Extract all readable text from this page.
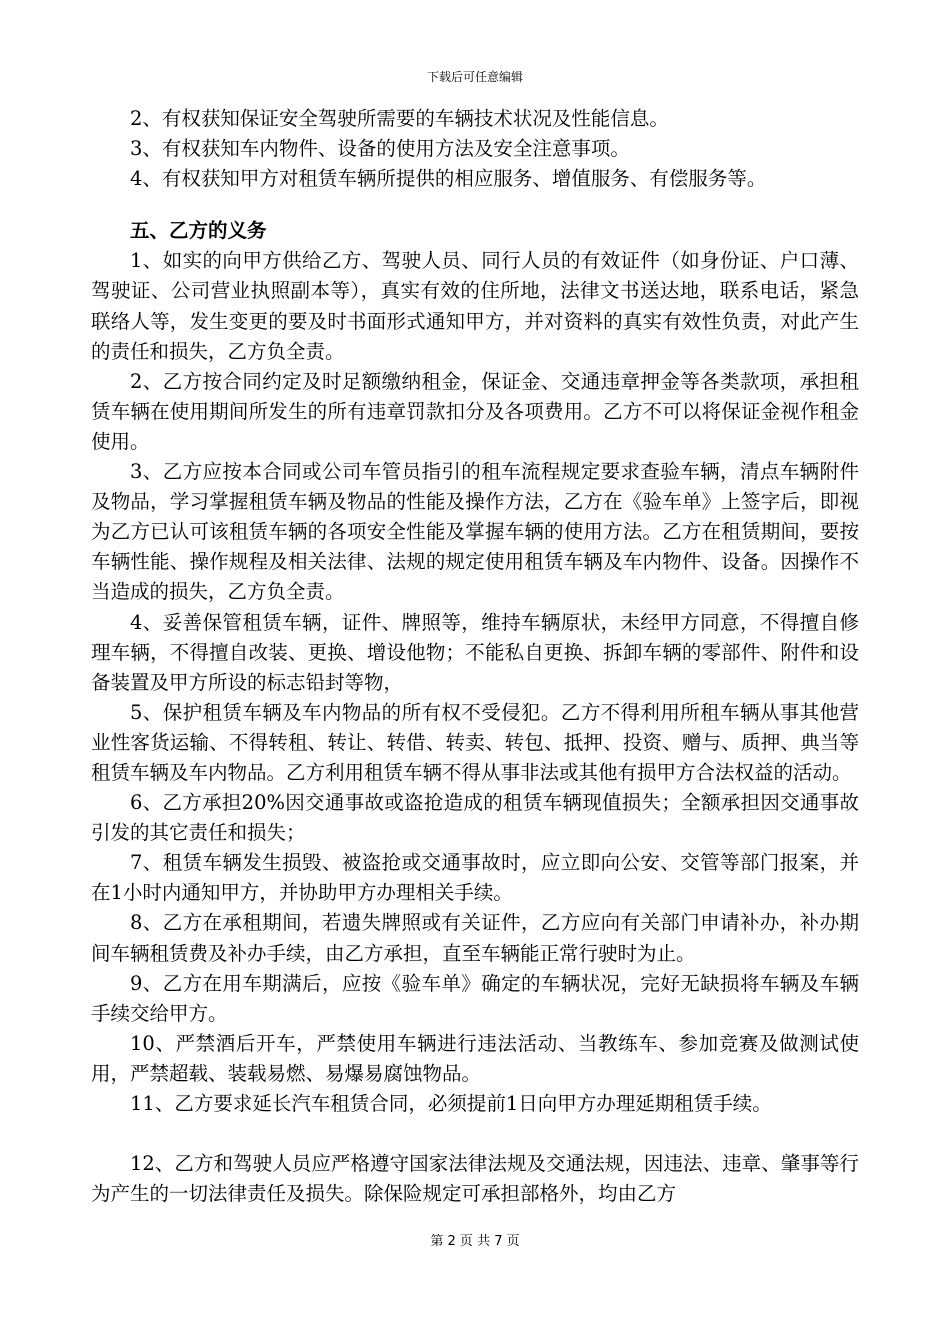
下载后可任意编辑

2、有权获知保证安全驾驶所需要的车辆技术状况及性能信息。

3、有权获知车内物件、设备的使用方法及安全注意事项。

4、有权获知甲方对租赁车辆所提供的相应服务、增值服务、有偿服务等。

五、乙方的义务

1、如实的向甲方供给乙方、驾驶人员、同行人员的有效证件（如身份证、户口薄、驾驶证、公司营业执照副本等），真实有效的住所地，法律文书送达地，联系电话，紧急联络人等，发生变更的要及时书面形式通知甲方，并对资料的真实有效性负责，对此产生的责任和损失，乙方负全责。

2、乙方按合同约定及时足额缴纳租金，保证金、交通违章押金等各类款项，承担租赁车辆在使用期间所发生的所有违章罚款扣分及各项费用。乙方不可以将保证金视作租金使用。

3、乙方应按本合同或公司车管员指引的租车流程规定要求查验车辆，清点车辆附件及物品，学习掌握租赁车辆及物品的性能及操作方法，乙方在《验车单》上签字后，即视为乙方已认可该租赁车辆的各项安全性能及掌握车辆的使用方法。乙方在租赁期间，要按车辆性能、操作规程及相关法律、法规的规定使用租赁车辆及车内物件、设备。因操作不当造成的损失，乙方负全责。

4、妥善保管租赁车辆，证件、牌照等，维持车辆原状，未经甲方同意，不得擅自修理车辆，不得擅自改装、更换、增设他物；不能私自更换、拆卸车辆的零部件、附件和设备装置及甲方所设的标志铅封等物，

5、保护租赁车辆及车内物品的所有权不受侵犯。乙方不得利用所租车辆从事其他营业性客货运输、不得转租、转让、转借、转卖、转包、抵押、投资、赠与、质押、典当等租赁车辆及车内物品。乙方利用租赁车辆不得从事非法或其他有损甲方合法权益的活动。

6、乙方承担20%因交通事故或盗抢造成的租赁车辆现值损失；全额承担因交通事故引发的其它责任和损失；

7、租赁车辆发生损毁、被盗抢或交通事故时，应立即向公安、交管等部门报案，并在1小时内通知甲方，并协助甲方办理相关手续。

8、乙方在承租期间，若遗失牌照或有关证件，乙方应向有关部门申请补办，补办期间车辆租赁费及补办手续，由乙方承担，直至车辆能正常行驶时为止。

9、乙方在用车期满后，应按《验车单》确定的车辆状况，完好无缺损将车辆及车辆手续交给甲方。

10、严禁酒后开车，严禁使用车辆进行违法活动、当教练车、参加竞赛及做测试使用，严禁超载、装载易燃、易爆易腐蚀物品。

11、乙方要求延长汽车租赁合同，必须提前1日向甲方办理延期租赁手续。

12、乙方和驾驶人员应严格遵守国家法律法规及交通法规，因违法、违章、肇事等行为产生的一切法律责任及损失。除保险规定可承担部格外，均由乙方

第 2 页 共 7 页
